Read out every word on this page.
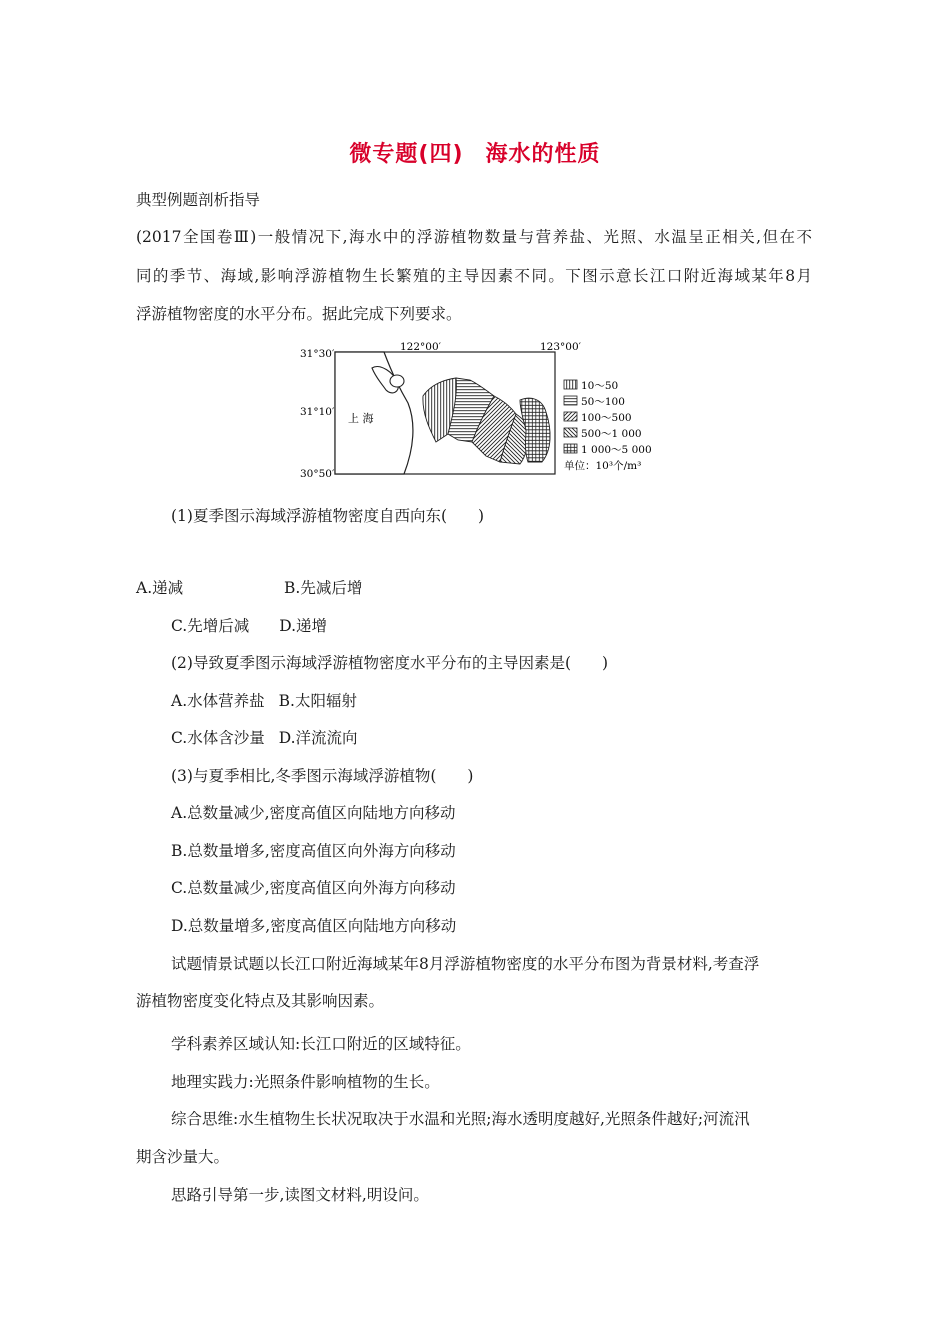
微专题(四) 海水的性质
典型例题剖析指导
(2017全国卷Ⅲ)一般情况下,海水中的浮游植物数量与营养盐、光照、水温呈正相关,但在不
同的季节、海域,影响浮游植物生长繁殖的主导因素不同。下图示意长江口附近海域某年8月
浮游植物密度的水平分布。据此完成下列要求。
31°30′
31°10′
30°50′
122°00′	123°00′
上 海
10～50
50～100
100～500
500～1 000
1 000～5 000
单位：10³个/m³
(1)夏季图示海域浮游植物密度自西向东(　　)
A.递减	B.先减后增
C.先增后减 D.递增
(2)导致夏季图示海域浮游植物密度水平分布的主导因素是(　　)
A.水体营养盐 B.太阳辐射
C.水体含沙量 D.洋流流向
(3)与夏季相比,冬季图示海域浮游植物(　　)
A.总数量减少,密度高值区向陆地方向移动
B.总数量增多,密度高值区向外海方向移动
C.总数量减少,密度高值区向外海方向移动
D.总数量增多,密度高值区向陆地方向移动
试题情景试题以长江口附近海域某年8月浮游植物密度的水平分布图为背景材料,考查浮
游植物密度变化特点及其影响因素。
学科素养区域认知:长江口附近的区域特征。
地理实践力:光照条件影响植物的生长。
综合思维:水生植物生长状况取决于水温和光照;海水透明度越好,光照条件越好;河流汛
期含沙量大。
思路引导第一步,读图文材料,明设问。
